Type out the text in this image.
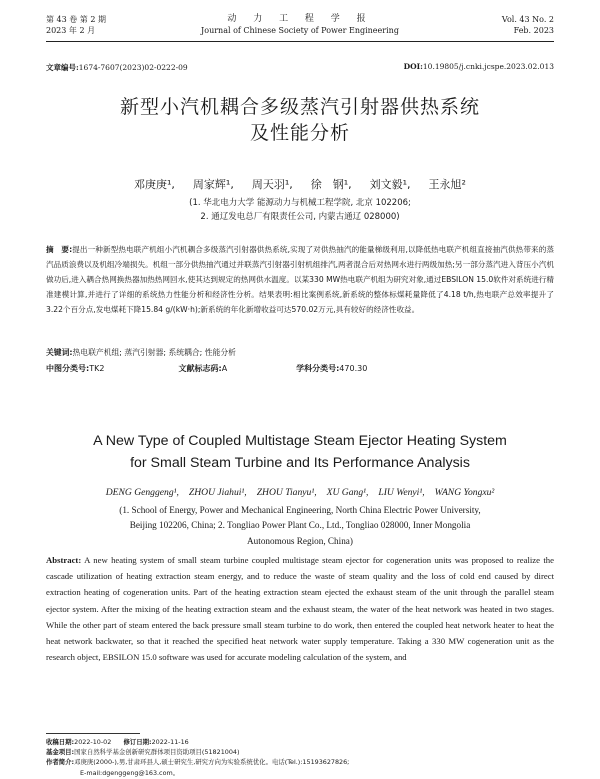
第 43 卷 第 2 期
2023 年 2 月
动 力 工 程 学 报
Journal of Chinese Society of Power Engineering
Vol. 43 No. 2
Feb. 2023
文章编号:1674-7607(2023)02-0222-09	DOI:10.19805/j.cnki.jcspe.2023.02.013
新型小汽机耦合多级蒸汽引射器供热系统
及性能分析
邓庚庚¹, 周家辉¹, 周天羽¹, 徐　钢¹, 刘文毅¹, 王永旭²
(1. 华北电力大学 能源动力与机械工程学院, 北京 102206;
2. 通辽发电总厂有限责任公司, 内蒙古通辽 028000)
摘　要:提出一种新型热电联产机组小汽机耦合多级蒸汽引射器供热系统,实现了对供热抽汽的能量梯级利用,以降低热电联产机组直接抽汽供热带来的蒸汽品质浪费以及机组冷端损失。机组一部分供热抽汽通过并联蒸汽引射器引射机组排汽,两者混合后对热网水进行两级加热;另一部分蒸汽进入背压小汽机做功后,进入耦合热网换热器加热热网回水,使其达到规定的热网供水温度。以某330 MW热电联产机组为研究对象,通过EBSILON 15.0软件对系统进行精准建模计算,并进行了详细的系统热力性能分析和经济性分析。结果表明:相比案例系统,新系统的整体标煤耗量降低了4.18 t/h,热电联产总效率提升了3.22个百分点,发电煤耗下降15.84 g/(kW·h);新系统的年化新增收益可达570.02万元,具有较好的经济性收益。
关键词:热电联产机组; 蒸汽引射器; 系统耦合; 性能分析
中图分类号:TK2	文献标志码:A	学科分类号:470.30
A New Type of Coupled Multistage Steam Ejector Heating System
for Small Steam Turbine and Its Performance Analysis
DENG Genggeng¹, ZHOU Jiahui¹, ZHOU Tianyu¹, XU Gang¹, LIU Wenyi¹, WANG Yongxu²
(1. School of Energy, Power and Mechanical Engineering, North China Electric Power University,
Beijing 102206, China; 2. Tongliao Power Plant Co., Ltd., Tongliao 028000, Inner Mongolia
Autonomous Region, China)
Abstract: A new heating system of small steam turbine coupled multistage steam ejector for cogeneration units was proposed to realize the cascade utilization of heating extraction steam energy, and to reduce the waste of steam quality and the loss of cold end caused by direct extraction heating of cogeneration units. Part of the heating extraction steam ejected the exhaust steam of the unit through the parallel steam ejector system. After the mixing of the heating extraction steam and the exhaust steam, the water of the heat network was heated in two stages. While the other part of steam entered the back pressure small steam turbine to do work, then entered the coupled heat network heater to heat the heat network backwater, so that it reached the specified heat network water supply temperature. Taking a 330 MW cogeneration unit as the research object, EBSILON 15.0 software was used for accurate modeling calculation of the system, and
收稿日期:2022-10-02 修订日期:2022-11-16
基金项目:国家自然科学基金创新研究群体项目资助项目(51821004)
作者简介:邓庚庚(2000-),男,甘肃环县人,硕士研究生,研究方向为实验系统优化。电话(Tel.):15193627826;
E-mail:dgenggeng@163.com。
